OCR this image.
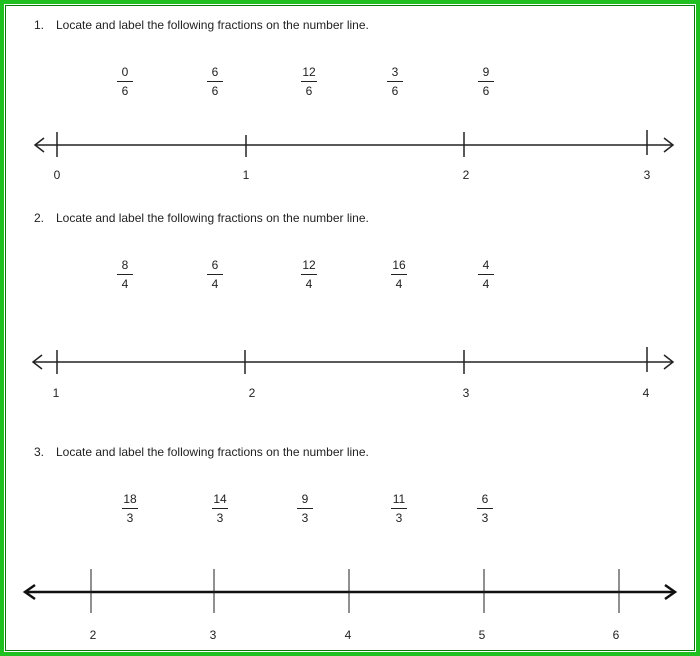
1. Locate and label the following fractions on the number line.
0
6
6
6
12
6
3
6
9
6
2. Locate and label the following fractions on the number line.
8
4
6
4
12
4
16
4
4
4
3. Locate and label the following fractions on the number line.
18
3
14
3
9
3
11
3
6
3
0	1	2	3
1	2	3	4
2	3	4	5	6
